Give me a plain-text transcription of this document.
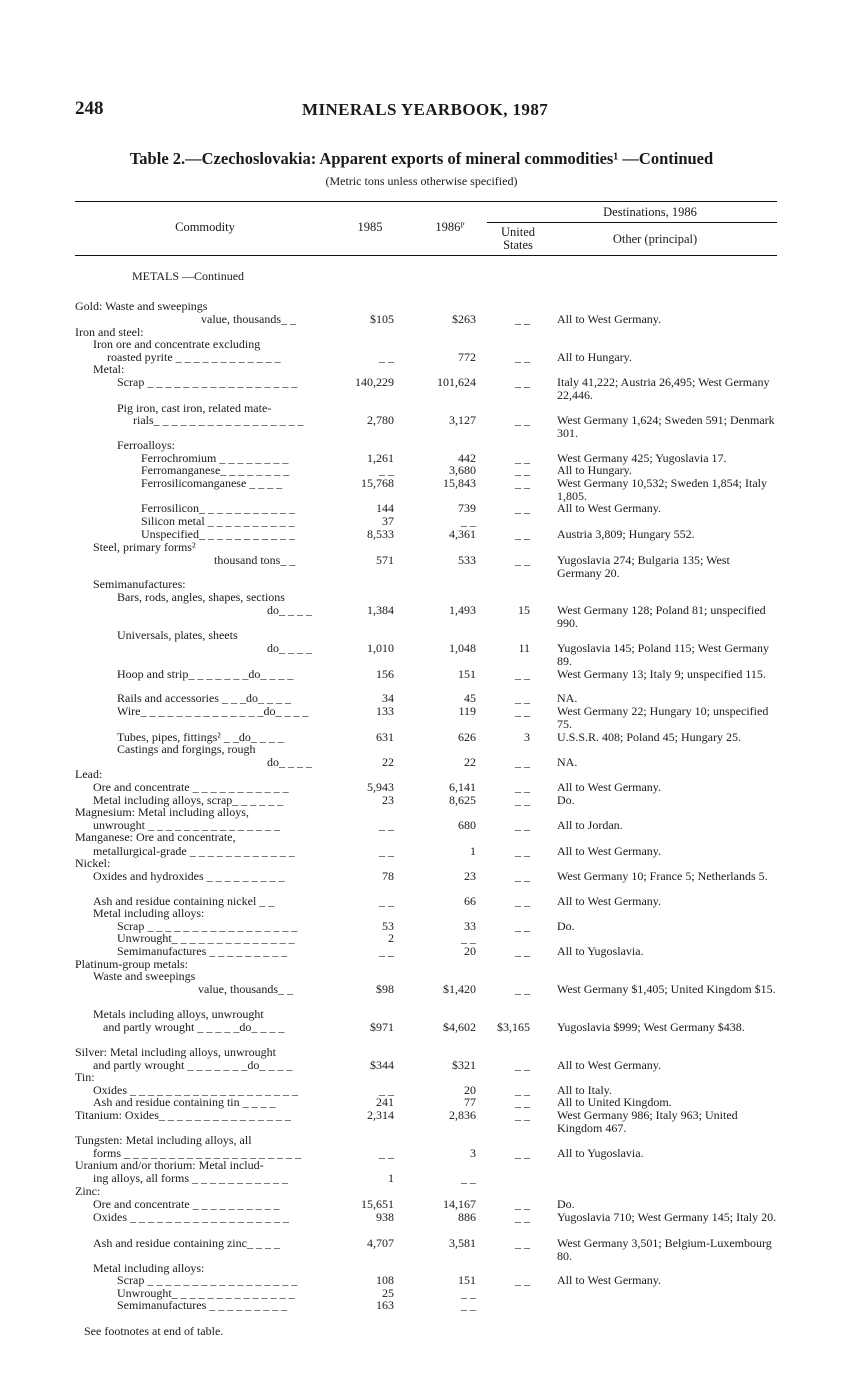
248	MINERALS YEARBOOK, 1987
Table 2.—Czechoslovakia: Apparent exports of mineral commodities¹ —Continued
(Metric tons unless otherwise specified)
Commodity	1985	1986ᴾ
Destinations, 1986
United
States	Other (principal)
METALS —Continued
Gold: Waste and sweepings
value, thousands_ _	$105	$263	_ _ All to West Germany.
Iron and steel:
Iron ore and concentrate excluding
roasted pyrite _ _ _ _ _ _ _ _ _ _ _ _	_ _	772	_ _ All to Hungary.
Metal:
Scrap _ _ _ _ _ _ _ _ _ _ _ _ _ _ _ _ _	140,229	101,624	_ _ Italy 41,222; Austria 26,495; West Germany 22,446.
Pig iron, cast iron, related mate-
rials_ _ _ _ _ _ _ _ _ _ _ _ _ _ _ _ _	2,780	3,127	_ _ West Germany 1,624; Sweden 591; Denmark 301.
Ferroalloys:
Ferrochromium _ _ _ _ _ _ _ _	1,261	442	_ _ West Germany 425; Yugoslavia 17.
Ferromanganese_ _ _ _ _ _ _ _	_ _	3,680	_ _ All to Hungary.
Ferrosilicomanganese _ _ _ _	15,768	15,843	_ _ West Germany 10,532; Sweden 1,854; Italy 1,805.
Ferrosilicon_ _ _ _ _ _ _ _ _ _ _	144	739	_ _ All to West Germany.
Silicon metal _ _ _ _ _ _ _ _ _ _	37	_ _
Unspecified_ _ _ _ _ _ _ _ _ _ _	8,533	4,361	_ _ Austria 3,809; Hungary 552.
Steel, primary forms²
thousand tons_ _	571	533	_ _ Yugoslavia 274; Bulgaria 135; West Germany 20.
Semimanufactures:
Bars, rods, angles, shapes, sections
do_ _ _ _	1,384	1,493	15 West Germany 128; Poland 81; unspecified 990.
Universals, plates, sheets
do_ _ _ _	1,010	1,048	11 Yugoslavia 145; Poland 115; West Germany 89.
Hoop and strip_ _ _ _ _ _ _do_ _ _ _	156	151	_ _ West Germany 13; Italy 9; unspecified 115.
Rails and accessories _ _ _do_ _ _ _	34	45	_ _ NA.
Wire_ _ _ _ _ _ _ _ _ _ _ _ _ _do_ _ _ _	133	119	_ _ West Germany 22; Hungary 10; unspecified 75.
Tubes, pipes, fittings² _ _do_ _ _ _	631	626	3 U.S.S.R. 408; Poland 45; Hungary 25.
Castings and forgings, rough
do_ _ _ _	22	22	_ _ NA.
Lead:
Ore and concentrate _ _ _ _ _ _ _ _ _ _ _	5,943	6,141	_ _ All to West Germany.
Metal including alloys, scrap_ _ _ _ _ _	23	8,625	_ _ Do.
Magnesium: Metal including alloys,
unwrought _ _ _ _ _ _ _ _ _ _ _ _ _ _ _	_ _	680	_ _ All to Jordan.
Manganese: Ore and concentrate,
metallurgical-grade _ _ _ _ _ _ _ _ _ _ _ _	_ _	1	_ _ All to West Germany.
Nickel:
Oxides and hydroxides _ _ _ _ _ _ _ _ _	78	23	_ _ West Germany 10; France 5; Netherlands 5.
Ash and residue containing nickel _ _	_ _	66	_ _ All to West Germany.
Metal including alloys:
Scrap _ _ _ _ _ _ _ _ _ _ _ _ _ _ _ _ _	53	33	_ _ Do.
Unwrought_ _ _ _ _ _ _ _ _ _ _ _ _ _	2	_ _
Semimanufactures _ _ _ _ _ _ _ _ _	_ _	20	_ _ All to Yugoslavia.
Platinum-group metals:
Waste and sweepings
value, thousands_ _	$98	$1,420	_ _ West Germany $1,405; United Kingdom $15.
Metals including alloys, unwrought
and partly wrought _ _ _ _ _do_ _ _ _	$971	$4,602	$3,165 Yugoslavia $999; West Germany $438.
Silver: Metal including alloys, unwrought
and partly wrought _ _ _ _ _ _ _do_ _ _ _	$344	$321	_ _ All to West Germany.
Tin:
Oxides _ _ _ _ _ _ _ _ _ _ _ _ _ _ _ _ _ _ _	_ _	20	_ _ All to Italy.
Ash and residue containing tin _ _ _ _	241	77	_ _ All to United Kingdom.
Titanium: Oxides_ _ _ _ _ _ _ _ _ _ _ _ _ _ _	2,314	2,836	_ _ West Germany 986; Italy 963; United Kingdom 467.
Tungsten: Metal including alloys, all
forms _ _ _ _ _ _ _ _ _ _ _ _ _ _ _ _ _ _ _ _	_ _	3	_ _ All to Yugoslavia.
Uranium and/or thorium: Metal includ-
ing alloys, all forms _ _ _ _ _ _ _ _ _ _ _	1	_ _
Zinc:
Ore and concentrate _ _ _ _ _ _ _ _ _ _	15,651	14,167	_ _ Do.
Oxides _ _ _ _ _ _ _ _ _ _ _ _ _ _ _ _ _ _	938	886	_ _ Yugoslavia 710; West Germany 145; Italy 20.
Ash and residue containing zinc_ _ _ _	4,707	3,581	_ _ West Germany 3,501; Belgium-Luxembourg 80.
Metal including alloys:
Scrap _ _ _ _ _ _ _ _ _ _ _ _ _ _ _ _ _	108	151	_ _ All to West Germany.
Unwrought_ _ _ _ _ _ _ _ _ _ _ _ _ _	25	_ _
Semimanufactures _ _ _ _ _ _ _ _ _	163	_ _
See footnotes at end of table.
